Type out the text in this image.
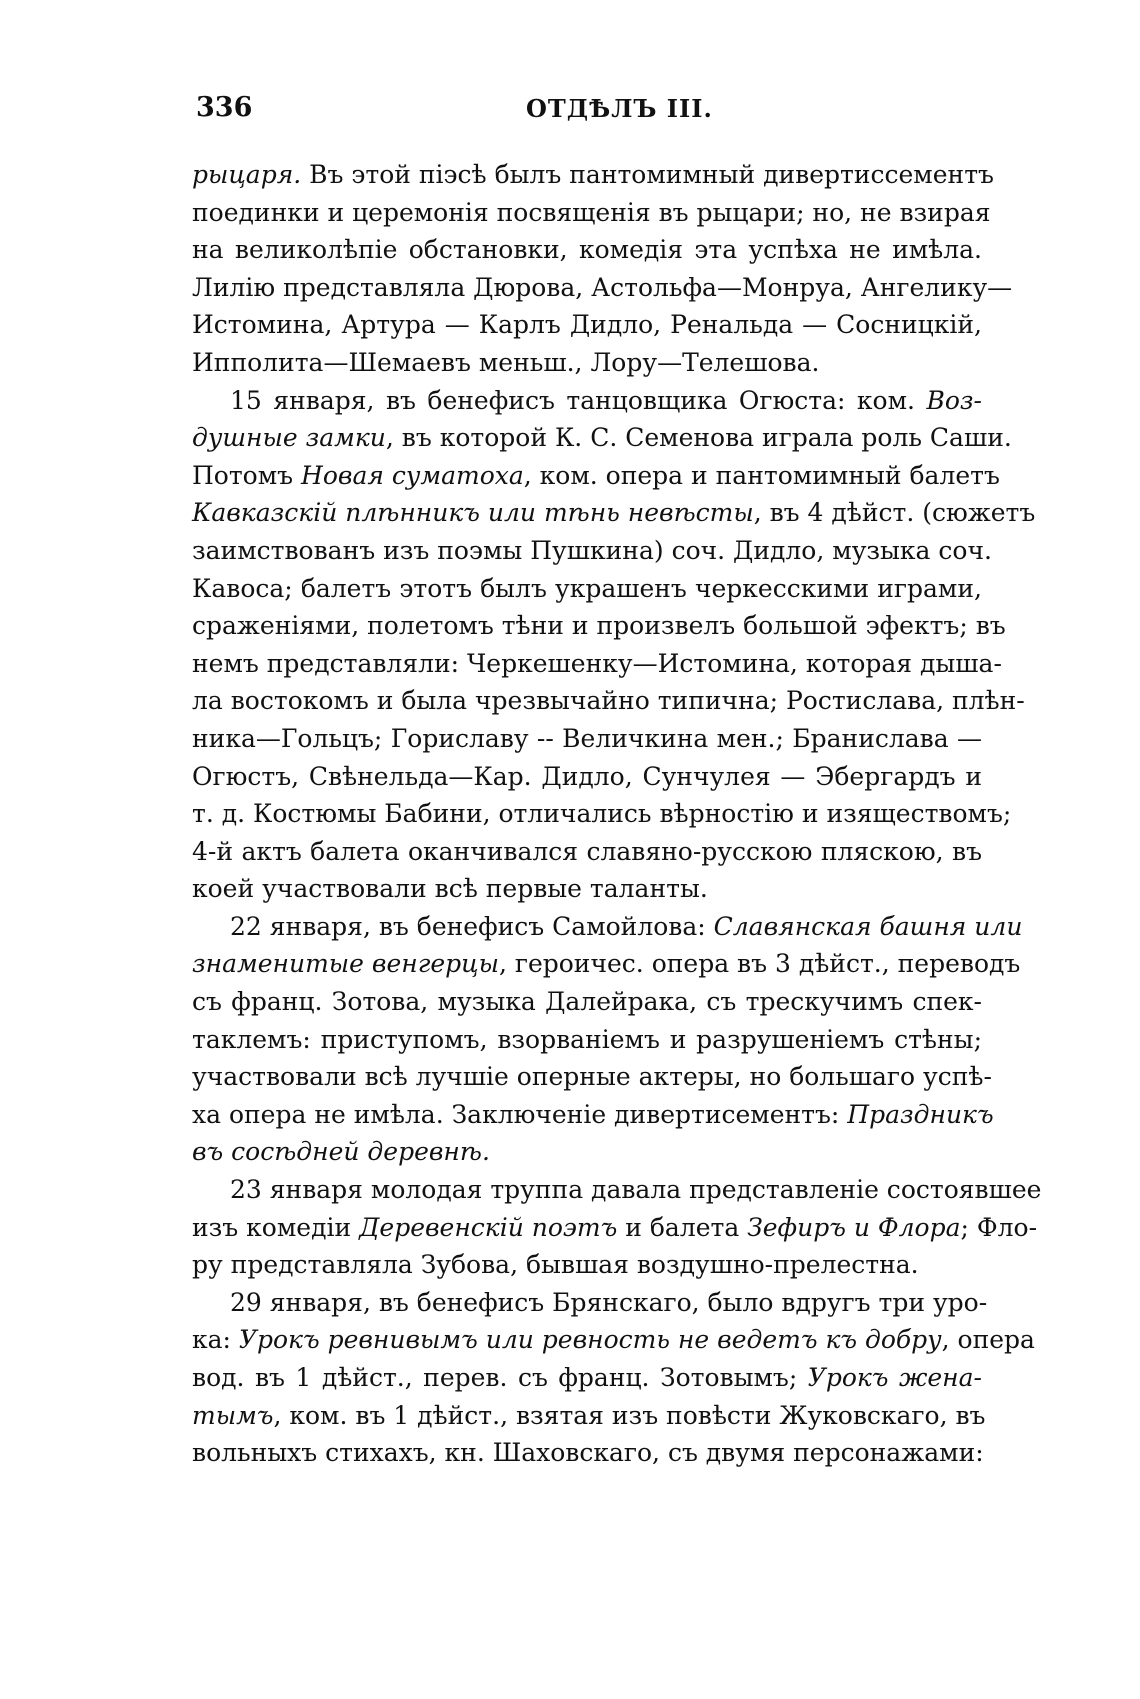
336	ОТДѢЛЪ III.
рыцаря. Въ этой піэсѣ былъ пантомимный дивертиссементъ
поединки и церемонія посвященія въ рыцари; но, не взирая
на великолѣпіе обстановки, комедія эта успѣха не имѣла.
Лилію представляла Дюрова, Астольфа—Монруа, Ангелику—
Истомина, Артура — Карлъ Дидло, Ренальда — Сосницкій,
Ипполита—Шемаевъ меньш., Лору—Телешова.
15 января, въ бенефисъ танцовщика Огюста: ком. Воз-
душные замки, въ которой К. С. Семенова играла роль Саши.
Потомъ Новая суматоха, ком. опера и пантомимный балетъ
Кавказскій плѣнникъ или тѣнь невѣсты, въ 4 дѣйст. (сюжетъ
заимствованъ изъ поэмы Пушкина) соч. Дидло, музыка соч.
Кавоса; балетъ этотъ былъ украшенъ черкесскими играми,
сраженіями, полетомъ тѣни и произвелъ большой эфектъ; въ
немъ представляли: Черкешенку—Истомина, которая дыша-
ла востокомъ и была чрезвычайно типична; Ростислава, плѣн-
ника—Гольцъ; Гориславу -- Величкина мен.; Бранислава —
Огюстъ, Свѣнельда—Кар. Дидло, Сунчулея — Эбергардъ и
т. д. Костюмы Бабини, отличались вѣрностію и изяществомъ;
4-й актъ балета оканчивался славяно-русскою пляскою, въ
коей участвовали всѣ первые таланты.
22 января, въ бенефисъ Самойлова: Славянская башня или
знаменитые венгерцы, героичес. опера въ 3 дѣйст., переводъ
съ франц. Зотова, музыка Далейрака, съ трескучимъ спек-
таклемъ: приступомъ, взорваніемъ и разрушеніемъ стѣны;
участвовали всѣ лучшіе оперные актеры, но большаго успѣ-
ха опера не имѣла. Заключеніе дивертисементъ: Праздникъ
въ сосѣдней деревнѣ.
23 января молодая труппа давала представленіе состоявшее
изъ комедіи Деревенскій поэтъ и балета Зефиръ и Флора; Фло-
ру представляла Зубова, бывшая воздушно-прелестна.
29 января, въ бенефисъ Брянскаго, было вдругъ три уро-
ка: Урокъ ревнивымъ или ревность не ведетъ къ добру, опера
вод. въ 1 дѣйст., перев. съ франц. Зотовымъ; Урокъ жена-
тымъ, ком. въ 1 дѣйст., взятая изъ повѣсти Жуковскаго, въ
вольныхъ стихахъ, кн. Шаховскаго, съ двумя персонажами:
